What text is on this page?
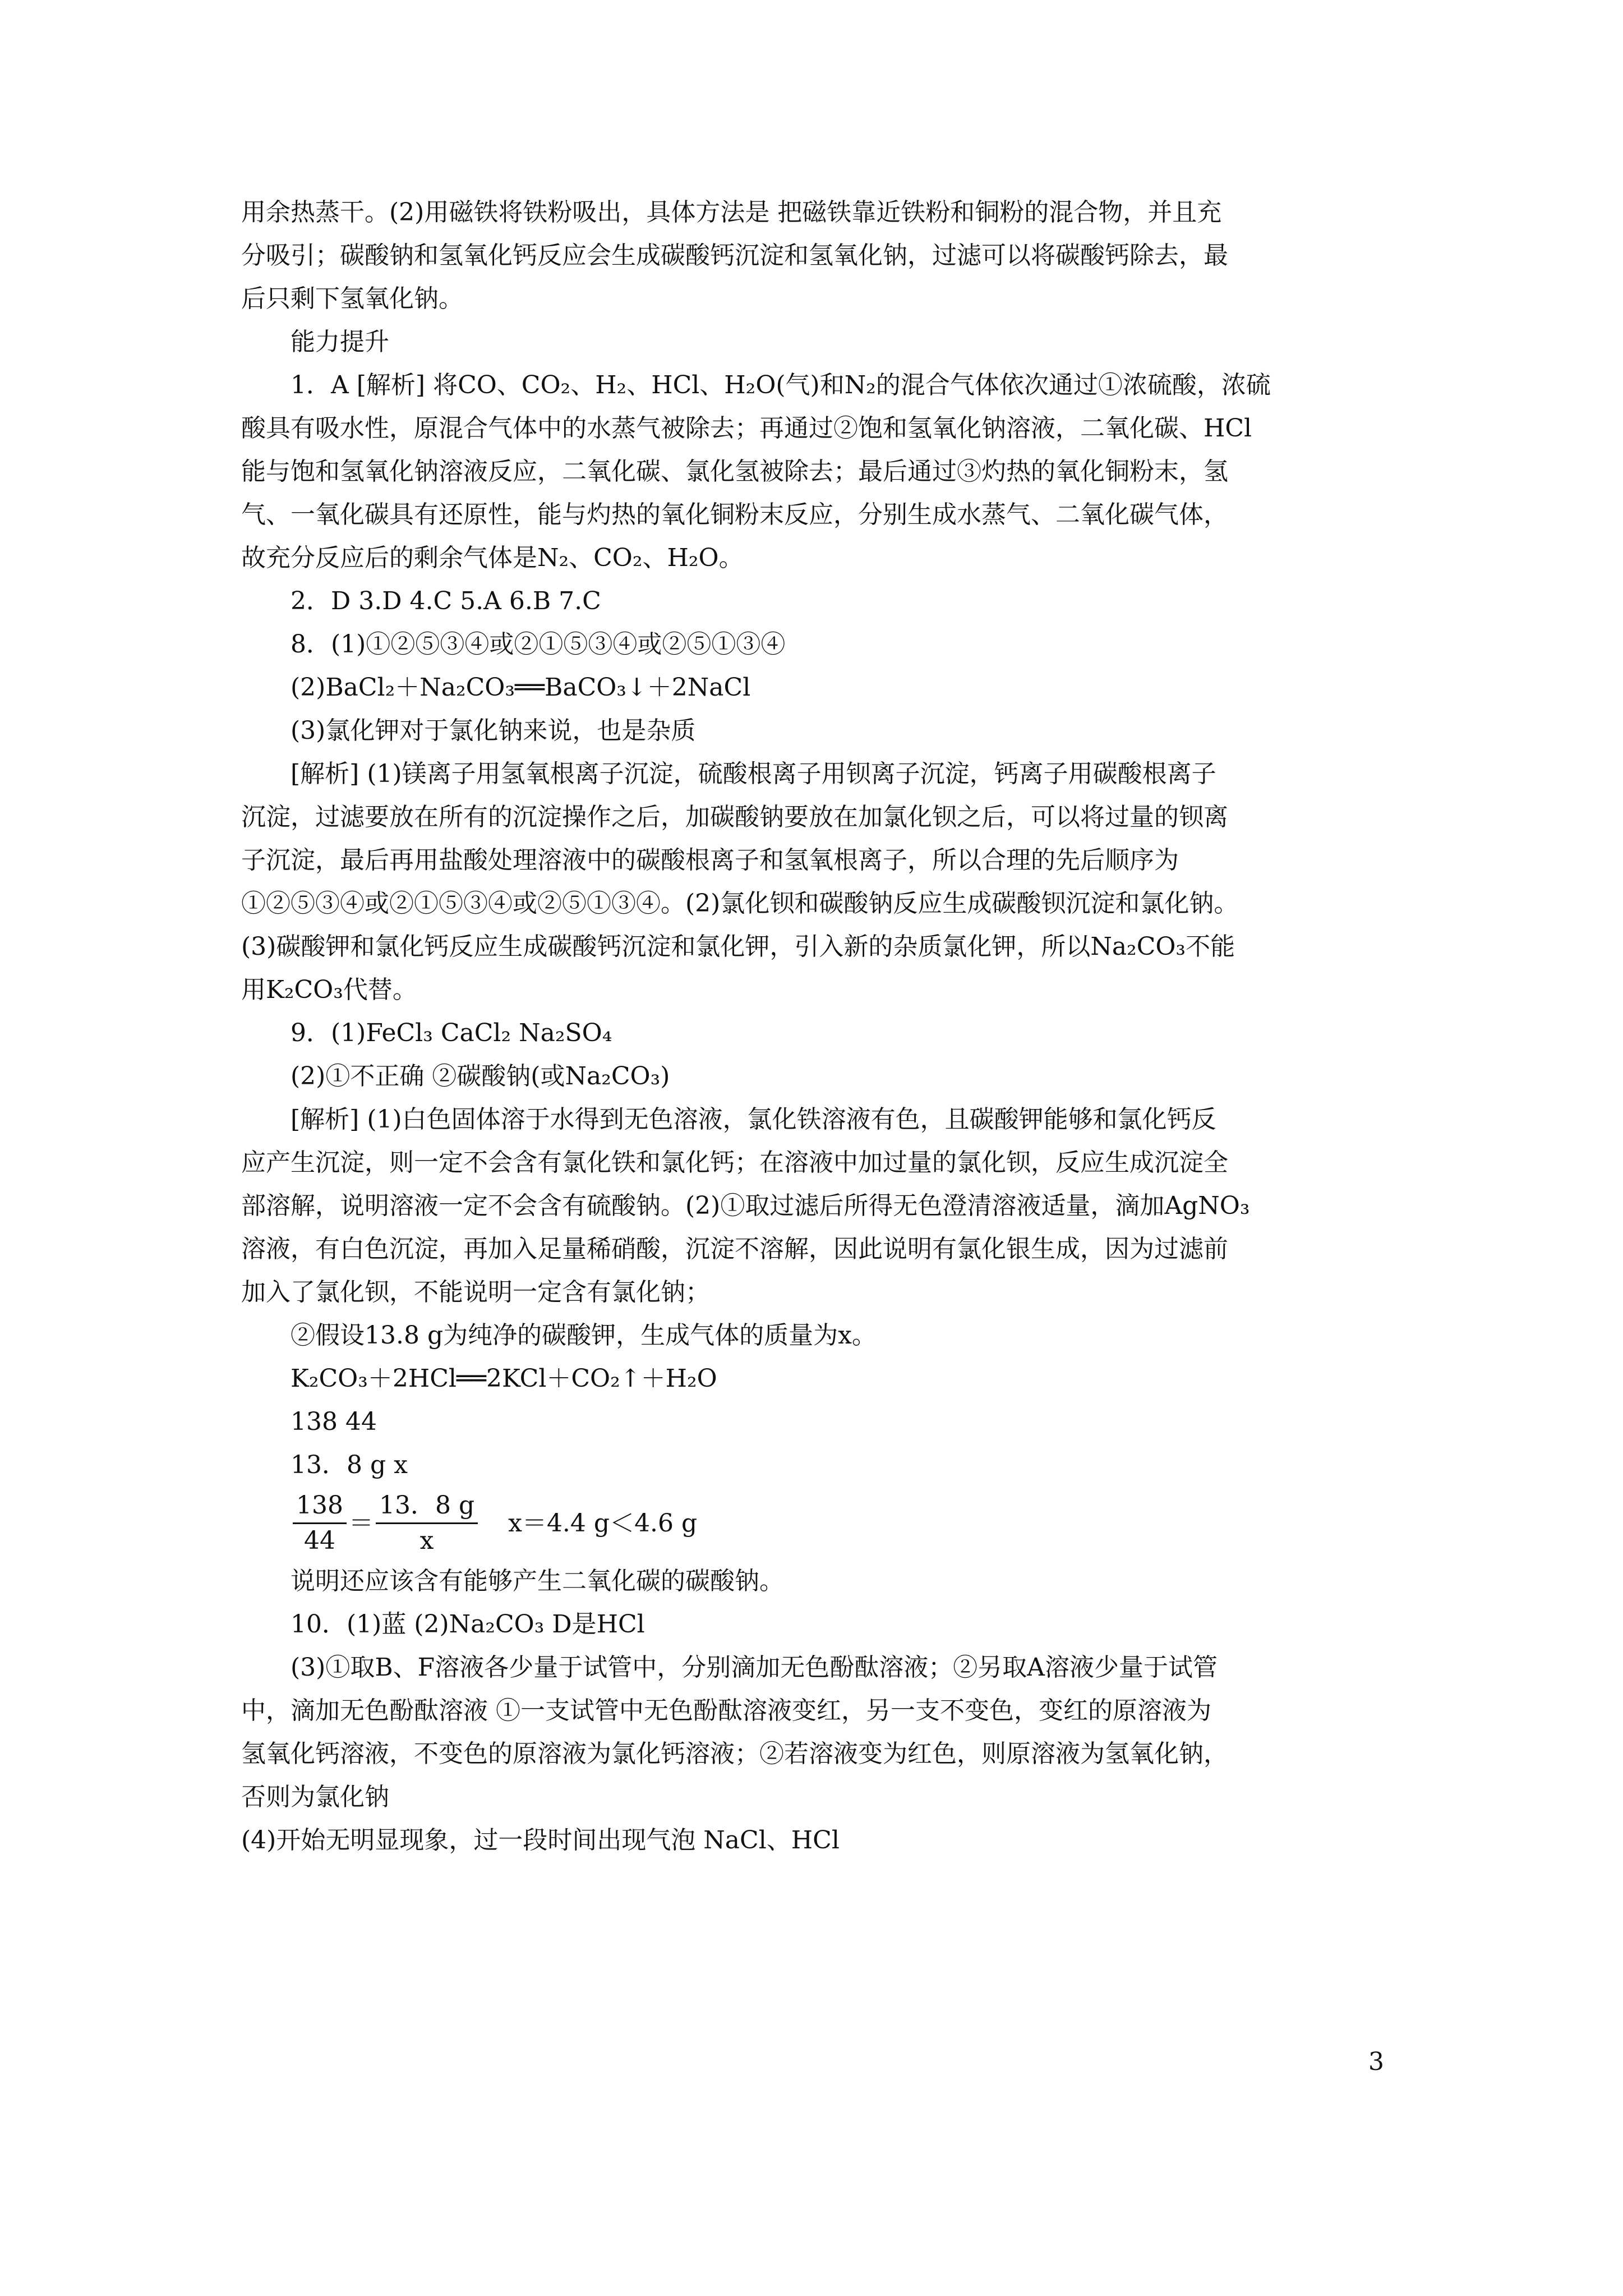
用余热蒸干。(2)用磁铁将铁粉吸出，具体方法是 把磁铁靠近铁粉和铜粉的混合物，并且充
分吸引；碳酸钠和氢氧化钙反应会生成碳酸钙沉淀和氢氧化钠，过滤可以将碳酸钙除去，最
后只剩下氢氧化钠。
能力提升
1．A [解析] 将CO、CO₂、H₂、HCl、H₂O(气)和N₂的混合气体依次通过①浓硫酸，浓硫
酸具有吸水性，原混合气体中的水蒸气被除去；再通过②饱和氢氧化钠溶液，二氧化碳、HCl
能与饱和氢氧化钠溶液反应，二氧化碳、氯化氢被除去；最后通过③灼热的氧化铜粉末，氢
气、一氧化碳具有还原性，能与灼热的氧化铜粉末反应，分别生成水蒸气、二氧化碳气体，
故充分反应后的剩余气体是N₂、CO₂、H₂O。
2．D 3.D 4.C 5.A 6.B 7.C
8．(1)①②⑤③④或②①⑤③④或②⑤①③④
(2)BaCl₂＋Na₂CO₃══BaCO₃↓＋2NaCl
(3)氯化钾对于氯化钠来说，也是杂质
[解析] (1)镁离子用氢氧根离子沉淀，硫酸根离子用钡离子沉淀，钙离子用碳酸根离子
沉淀，过滤要放在所有的沉淀操作之后，加碳酸钠要放在加氯化钡之后，可以将过量的钡离
子沉淀，最后再用盐酸处理溶液中的碳酸根离子和氢氧根离子，所以合理的先后顺序为
①②⑤③④或②①⑤③④或②⑤①③④。(2)氯化钡和碳酸钠反应生成碳酸钡沉淀和氯化钠。
(3)碳酸钾和氯化钙反应生成碳酸钙沉淀和氯化钾，引入新的杂质氯化钾，所以Na₂CO₃不能
用K₂CO₃代替。
9．(1)FeCl₃ CaCl₂ Na₂SO₄
(2)①不正确 ②碳酸钠(或Na₂CO₃)
[解析] (1)白色固体溶于水得到无色溶液，氯化铁溶液有色，且碳酸钾能够和氯化钙反
应产生沉淀，则一定不会含有氯化铁和氯化钙；在溶液中加过量的氯化钡，反应生成沉淀全
部溶解，说明溶液一定不会含有硫酸钠。(2)①取过滤后所得无色澄清溶液适量，滴加AgNO₃
溶液，有白色沉淀，再加入足量稀硝酸，沉淀不溶解，因此说明有氯化银生成，因为过滤前
加入了氯化钡，不能说明一定含有氯化钠；
②假设13.8 g为纯净的碳酸钾，生成气体的质量为x。
K₂CO₃＋2HCl══2KCl＋CO₂↑＋H₂O
138 44
13．8 g x
$\frac{138}{44} = \frac{13.8 g}{x} x=4.4$ g＜4.6 g
说明还应该含有能够产生二氧化碳的碳酸钠。
10．(1)蓝 (2)Na₂CO₃ D是HCl
(3)①取B、F溶液各少量于试管中，分别滴加无色酚酞溶液；②另取A溶液少量于试管
中，滴加无色酚酞溶液 ①一支试管中无色酚酞溶液变红，另一支不变色，变红的原溶液为
氢氧化钙溶液，不变色的原溶液为氯化钙溶液；②若溶液变为红色，则原溶液为氢氧化钠，
否则为氯化钠
(4)开始无明显现象，过一段时间出现气泡 NaCl、HCl
3
